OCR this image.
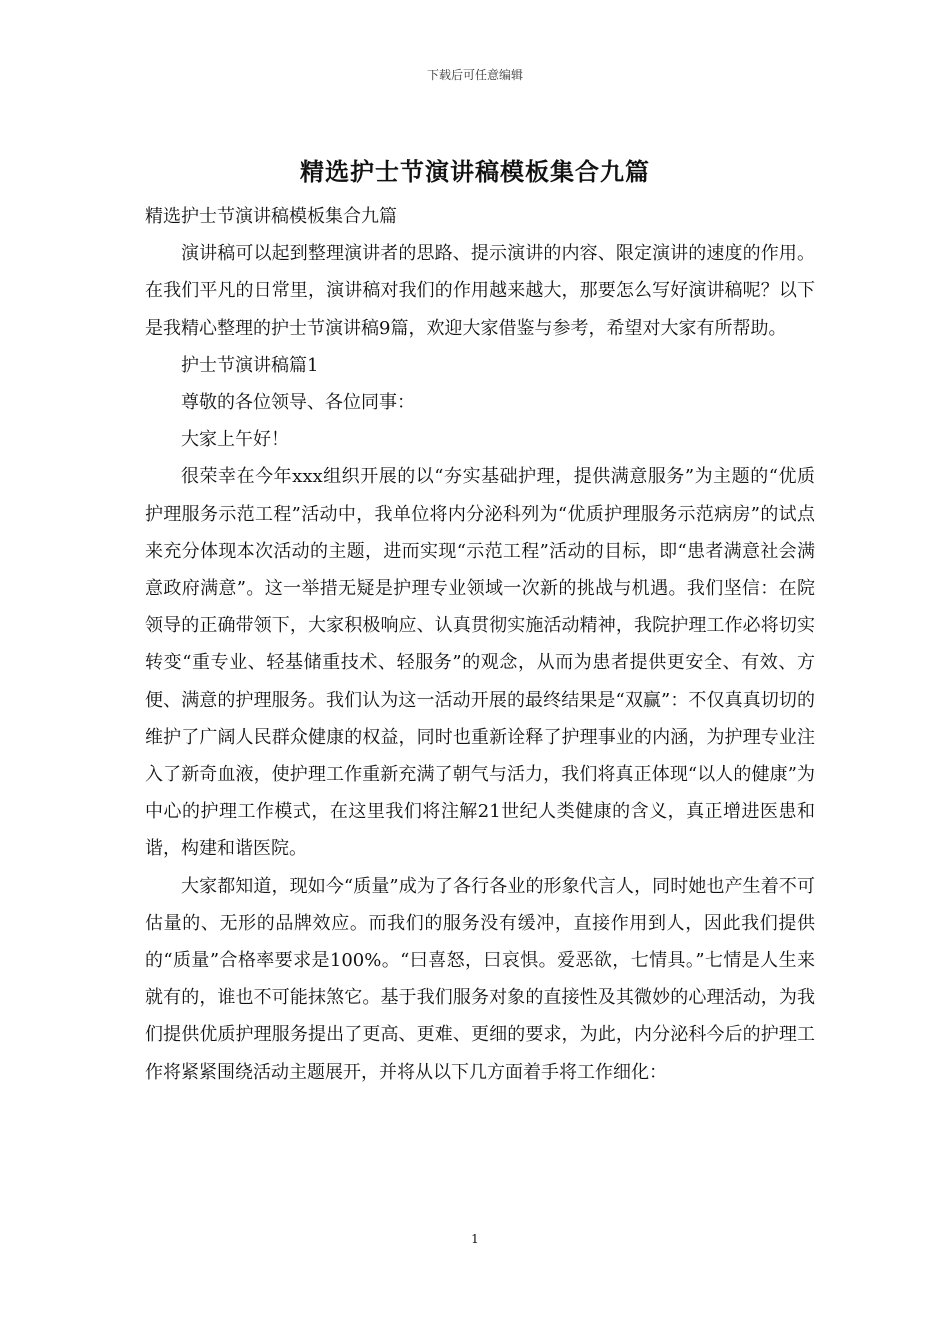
下载后可任意编辑
精选护士节演讲稿模板集合九篇

精选护士节演讲稿模板集合九篇

演讲稿可以起到整理演讲者的思路、提示演讲的内容、限定演讲的速度的作用。在我们平凡的日常里，演讲稿对我们的作用越来越大，那要怎么写好演讲稿呢？以下是我精心整理的护士节演讲稿9篇，欢迎大家借鉴与参考，希望对大家有所帮助。

护士节演讲稿篇1

尊敬的各位领导、各位同事：

大家上午好！

很荣幸在今年xxx组织开展的以“夯实基础护理，提供满意服务”为主题的“优质护理服务示范工程”活动中，我单位将内分泌科列为“优质护理服务示范病房”的试点来充分体现本次活动的主题，进而实现“示范工程”活动的目标，即“患者满意社会满意政府满意”。这一举措无疑是护理专业领域一次新的挑战与机遇。我们坚信：在院领导的正确带领下，大家积极响应、认真贯彻实施活动精神，我院护理工作必将切实转变“重专业、轻基储重技术、轻服务”的观念，从而为患者提供更安全、有效、方便、满意的护理服务。我们认为这一活动开展的最终结果是“双赢”：不仅真真切切的维护了广阔人民群众健康的权益，同时也重新诠释了护理事业的内涵，为护理专业注入了新奇血液，使护理工作重新充满了朝气与活力，我们将真正体现“以人的健康”为中心的护理工作模式，在这里我们将注解21世纪人类健康的含义，真正增进医患和谐，构建和谐医院。

大家都知道，现如今“质量”成为了各行各业的形象代言人，同时她也产生着不可估量的、无形的品牌效应。而我们的服务没有缓冲，直接作用到人，因此我们提供的“质量”合格率要求是100%。“曰喜怒，曰哀惧。爱恶欲，七情具。”七情是人生来就有的，谁也不可能抹煞它。基于我们服务对象的直接性及其微妙的心理活动，为我们提供优质护理服务提出了更高、更难、更细的要求，为此，内分泌科今后的护理工作将紧紧围绕活动主题展开，并将从以下几方面着手将工作细化：

1
